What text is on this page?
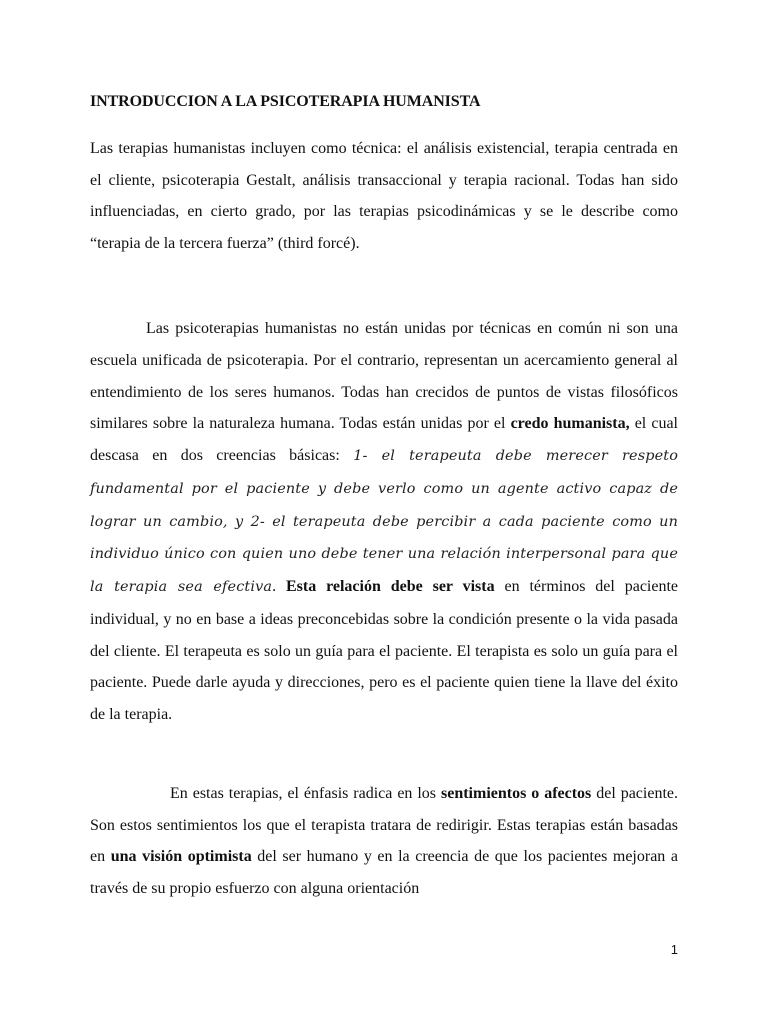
INTRODUCCION A LA PSICOTERAPIA HUMANISTA

Las terapias humanistas incluyen como técnica: el análisis existencial, terapia centrada en el cliente, psicoterapia Gestalt, análisis transaccional y terapia racional. Todas han sido influenciadas, en cierto grado, por las terapias psicodinámicas y se le describe como “terapia de la tercera fuerza” (third forcé).

Las psicoterapias humanistas no están unidas por técnicas en común ni son una escuela unificada de psicoterapia. Por el contrario, representan un acercamiento general al entendimiento de los seres humanos. Todas han crecidos de puntos de vistas filosóficos similares sobre la naturaleza humana. Todas están unidas por el credo humanista, el cual descasa en dos creencias básicas: 1- el terapeuta debe merecer respeto fundamental por el paciente y debe verlo como un agente activo capaz de lograr un cambio, y 2- el terapeuta debe percibir a cada paciente como un individuo único con quien uno debe tener una relación interpersonal para que la terapia sea efectiva. Esta relación debe ser vista en términos del paciente individual, y no en base a ideas preconcebidas sobre la condición presente o la vida pasada del cliente. El terapeuta es solo un guía para el paciente. El terapista es solo un guía para el paciente. Puede darle ayuda y direcciones, pero es el paciente quien tiene la llave del éxito de la terapia.

En estas terapias, el énfasis radica en los sentimientos o afectos del paciente. Son estos sentimientos los que el terapista tratara de redirigir. Estas terapias están basadas en una visión optimista del ser humano y en la creencia de que los pacientes mejoran a través de su propio esfuerzo con alguna orientación

1
